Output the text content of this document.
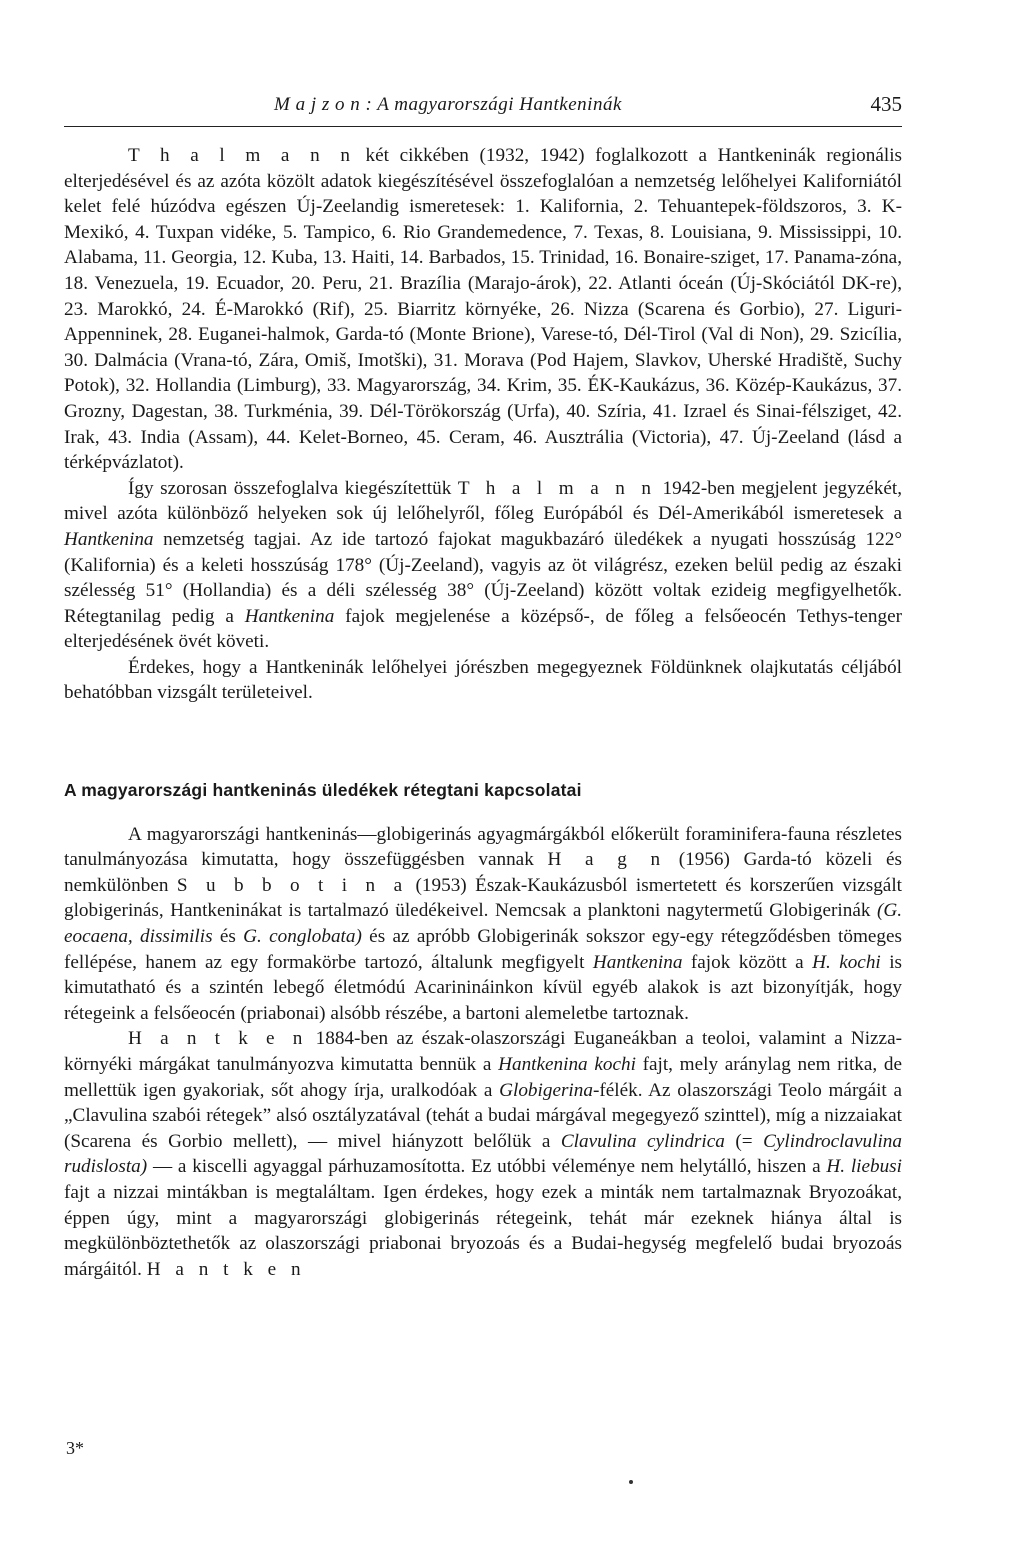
M a j z o n : A magyarországi Hantkeninák	435

T h a l m a n n két cikkében (1932, 1942) foglalkozott a Hantkeninák regionális elterjedésével és az azóta közölt adatok kiegészítésével összefoglalóan a nemzetség lelőhelyei Kaliforniától kelet felé húzódva egészen Új-Zeelandig ismeretesek: 1. Kalifornia, 2. Tehuantepek-földszoros, 3. K-Mexikó, 4. Tuxpan vidéke, 5. Tampico, 6. Rio Grandemedence, 7. Texas, 8. Louisiana, 9. Mississippi, 10. Alabama, 11. Georgia, 12. Kuba, 13. Haiti, 14. Barbados, 15. Trinidad, 16. Bonaire-sziget, 17. Panama-zóna, 18. Venezuela, 19. Ecuador, 20. Peru, 21. Brazília (Marajo-árok), 22. Atlanti óceán (Új-Skóciától DK-re), 23. Marokkó, 24. É-Marokkó (Rif), 25. Biarritz környéke, 26. Nizza (Scarena és Gorbio), 27. Liguri-Appenninek, 28. Euganei-halmok, Garda-tó (Monte Brione), Varese-tó, Dél-Tirol (Val di Non), 29. Szicília, 30. Dalmácia (Vrana-tó, Zára, Omiš, Imotški), 31. Morava (Pod Hajem, Slavkov, Uherské Hradiště, Suchy Potok), 32. Hollandia (Limburg), 33. Magyarország, 34. Krim, 35. ÉK-Kaukázus, 36. Közép-Kaukázus, 37. Grozny, Dagestan, 38. Turkménia, 39. Dél-Törökország (Urfa), 40. Szíria, 41. Izrael és Sinai-félsziget, 42. Irak, 43. India (Assam), 44. Kelet-Borneo, 45. Ceram, 46. Ausztrália (Victoria), 47. Új-Zeeland (lásd a térképvázlatot).

Így szorosan összefoglalva kiegészítettük T h a l m a n n 1942-ben megjelent jegyzékét, mivel azóta különböző helyeken sok új lelőhelyről, főleg Európából és Dél-Amerikából ismeretesek a Hantkenina nemzetség tagjai. Az ide tartozó fajokat magukbazáró üledékek a nyugati hosszúság 122° (Kalifornia) és a keleti hosszúság 178° (Új-Zeeland), vagyis az öt világrész, ezeken belül pedig az északi szélesség 51° (Hollandia) és a déli szélesség 38° (Új-Zeeland) között voltak ezideig megfigyelhetők. Rétegtanilag pedig a Hantkenina fajok megjelenése a középső-, de főleg a felsőeocén Tethys-tenger elterjedésének övét követi.

Érdekes, hogy a Hantkeninák lelőhelyei jórészben megegyeznek Földünknek olajkutatás céljából behatóbban vizsgált területeivel.

A magyarországi hantkeninás üledékek rétegtani kapcsolatai

A magyarországi hantkeninás—globigerinás agyagmárgákból előkerült foraminifera-fauna részletes tanulmányozása kimutatta, hogy összefüggésben vannak H a g n (1956) Garda-tó közeli és nemkülönben S u b b o t i n a (1953) Észak-Kaukázusból ismertetett és korszerűen vizsgált globigerinás, Hantkeninákat is tartalmazó üledékeivel. Nemcsak a planktoni nagytermetű Globigerinák (G. eocaena, dissimilis és G. conglobata) és az apróbb Globigerinák sokszor egy-egy rétegződésben tömeges fellépése, hanem az egy formakörbe tartozó, általunk megfigyelt Hantkenina fajok között a H. kochi is kimutatható és a szintén lebegő életmódú Acarinináinkon kívül egyéb alakok is azt bizonyítják, hogy rétegeink a felsőeocén (priabonai) alsóbb részébe, a bartoni alemeletbe tartoznak.

H a n t k e n 1884-ben az észak-olaszországi Euganeákban a teoloi, valamint a Nizza-környéki márgákat tanulmányozva kimutatta bennük a Hantkenina kochi fajt, mely aránylag nem ritka, de mellettük igen gyakoriak, sőt ahogy írja, uralkodóak a Globigerina-félék. Az olaszországi Teolo márgáit a „Clavulina szabói rétegek” alsó osztályzatával (tehát a budai márgával megegyező szinttel), míg a nizzaiakat (Scarena és Gorbio mellett), — mivel hiányzott belőlük a Clavulina cylindrica (= Cylindroclavulina rudislosta) — a kiscelli agyaggal párhuzamosította. Ez utóbbi véleménye nem helytálló, hiszen a H. liebusi fajt a nizzai mintákban is megtaláltam. Igen érdekes, hogy ezek a minták nem tartalmaznak Bryozoákat, éppen úgy, mint a magyarországi globigerinás rétegeink, tehát már ezeknek hiánya által is megkülönböztethetők az olaszországi priabonai bryozoás és a Budai-hegység megfelelő budai bryozoás márgáitól. H a n t k e n

3*
